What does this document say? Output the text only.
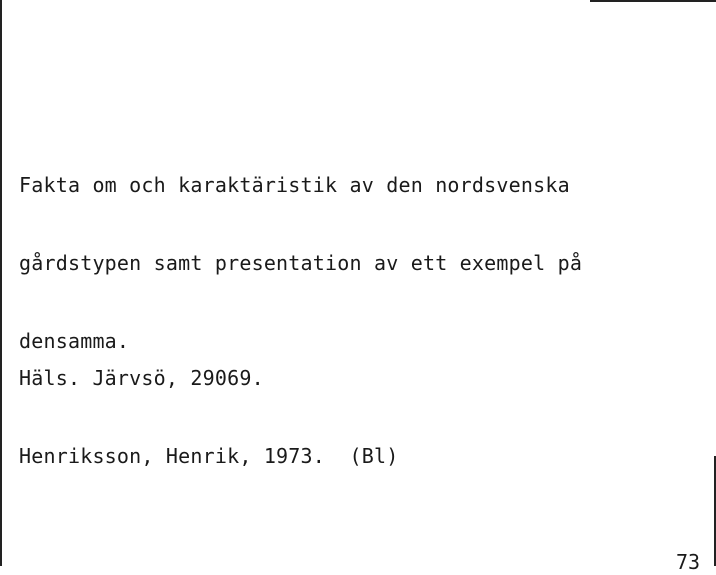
Fakta om och karaktäristik av den nordsvenska

gårdstypen samt presentation av ett exempel på

densamma.

Häls. Järvsö, 29069.

Henriksson, Henrik, 1973.  (Bl)

73
